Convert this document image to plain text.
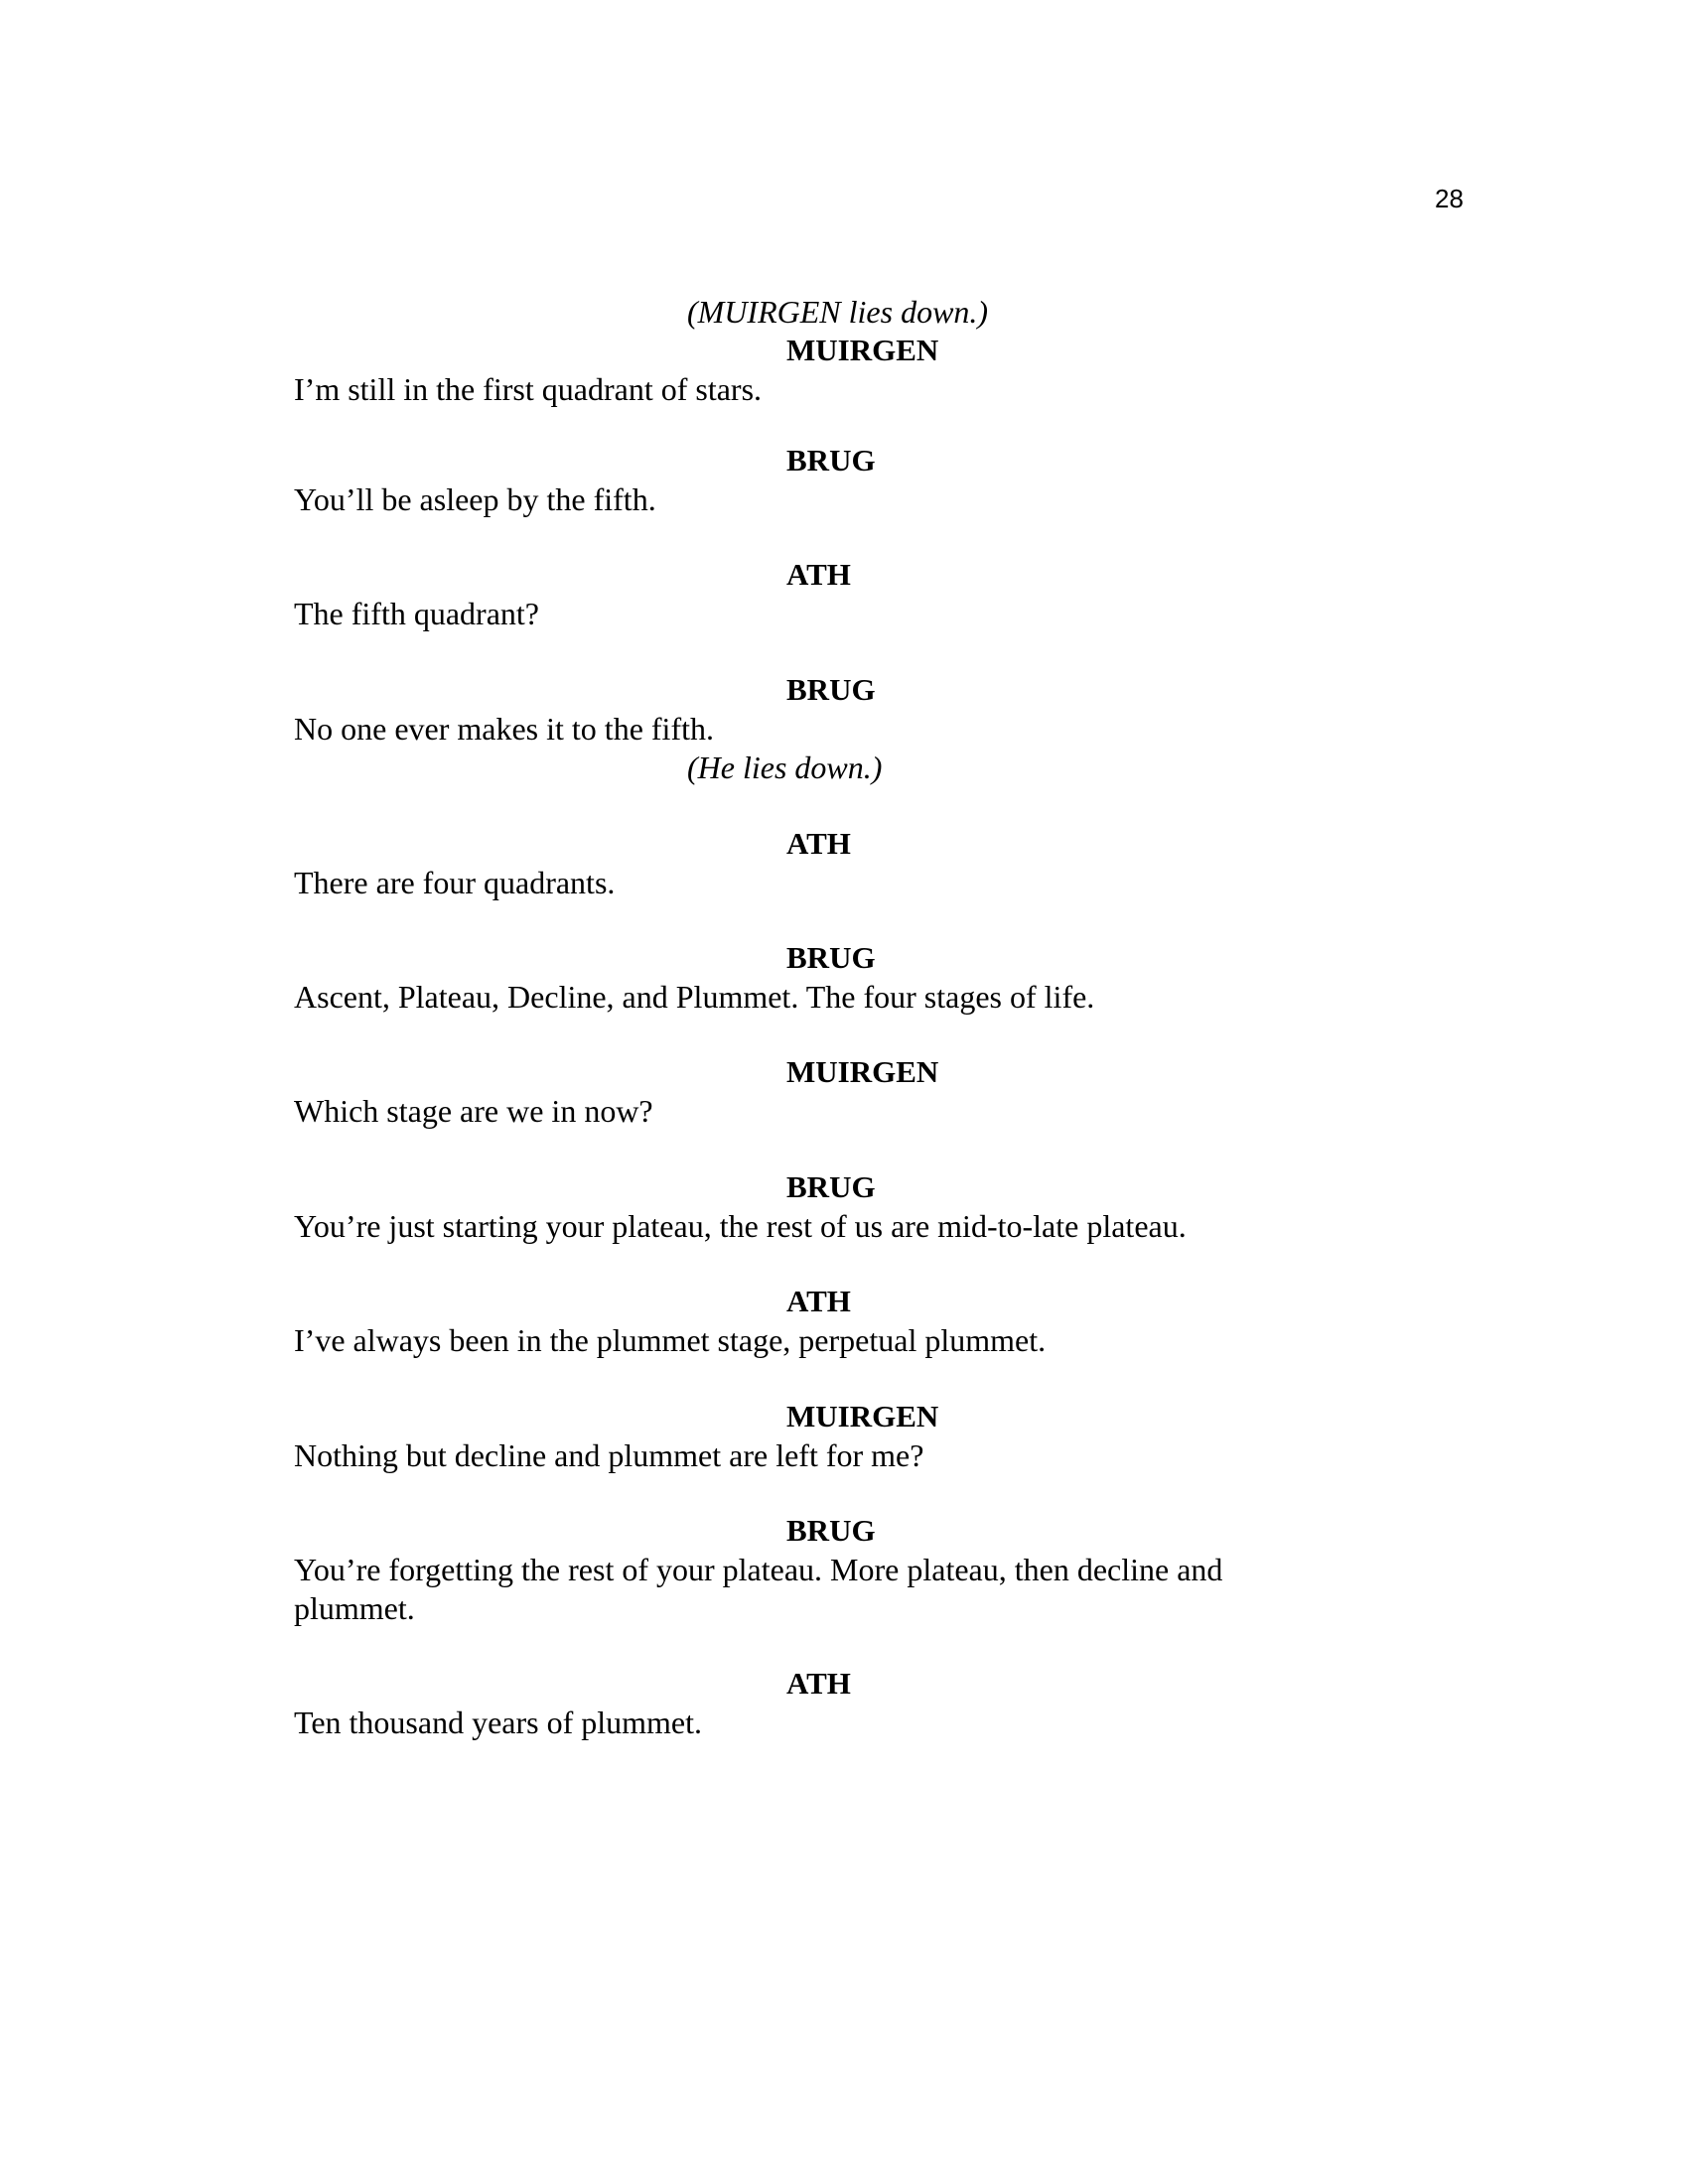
28
(MUIRGEN lies down.)
MUIRGEN
I’m still in the first quadrant of stars.
BRUG
You’ll be asleep by the fifth.
ATH
The fifth quadrant?
BRUG
No one ever makes it to the fifth.
(He lies down.)
ATH
There are four quadrants.
BRUG
Ascent, Plateau, Decline, and Plummet. The four stages of life.
MUIRGEN
Which stage are we in now?
BRUG
You’re just starting your plateau, the rest of us are mid-to-late plateau.
ATH
I’ve always been in the plummet stage, perpetual plummet.
MUIRGEN
Nothing but decline and plummet are left for me?
BRUG
You’re forgetting the rest of your plateau. More plateau, then decline and
plummet.
ATH
Ten thousand years of plummet.
